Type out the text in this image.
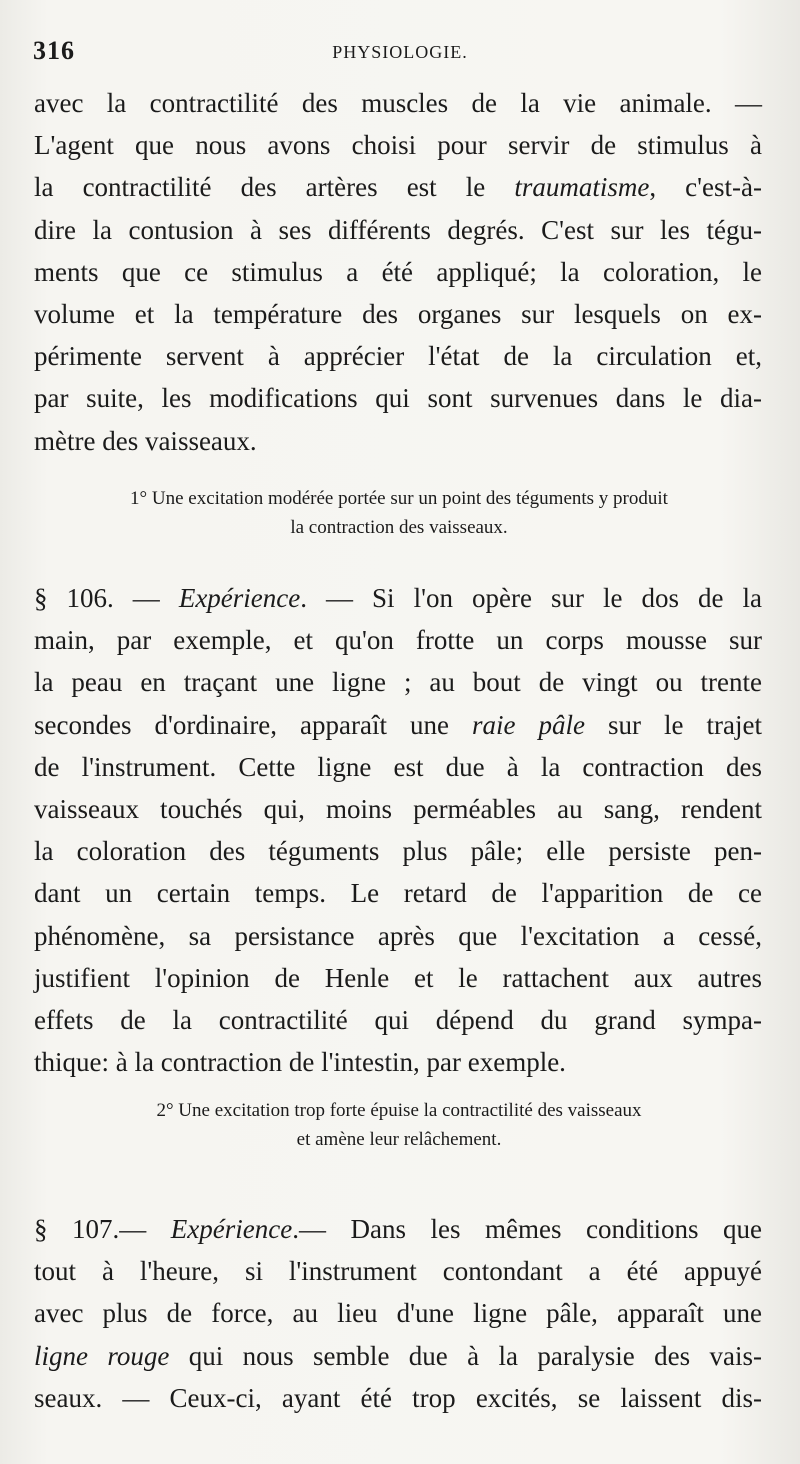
316	PHYSIOLOGIE.
avec la contractilité des muscles de la vie animale. —
L'agent que nous avons choisi pour servir de stimulus à
la contractilité des artères est le traumatisme, c'est-à-
dire la contusion à ses différents degrés. C'est sur les tégu-
ments que ce stimulus a été appliqué; la coloration, le
volume et la température des organes sur lesquels on ex-
périmente servent à apprécier l'état de la circulation et,
par suite, les modifications qui sont survenues dans le dia-
mètre des vaisseaux.
1° Une excitation modérée portée sur un point des téguments y produit
la contraction des vaisseaux.
§ 106. — Expérience. — Si l'on opère sur le dos de la
main, par exemple, et qu'on frotte un corps mousse sur
la peau en traçant une ligne ; au bout de vingt ou trente
secondes d'ordinaire, apparaît une raie pâle sur le trajet
de l'instrument. Cette ligne est due à la contraction des
vaisseaux touchés qui, moins perméables au sang, rendent
la coloration des téguments plus pâle; elle persiste pen-
dant un certain temps. Le retard de l'apparition de ce
phénomène, sa persistance après que l'excitation a cessé,
justifient l'opinion de Henle et le rattachent aux autres
effets de la contractilité qui dépend du grand sympa-
thique: à la contraction de l'intestin, par exemple.
2° Une excitation trop forte épuise la contractilité des vaisseaux
et amène leur relâchement.
§ 107.— Expérience.— Dans les mêmes conditions que
tout à l'heure, si l'instrument contondant a été appuyé
avec plus de force, au lieu d'une ligne pâle, apparaît une
ligne rouge qui nous semble due à la paralysie des vais-
seaux. — Ceux-ci, ayant été trop excités, se laissent dis-
